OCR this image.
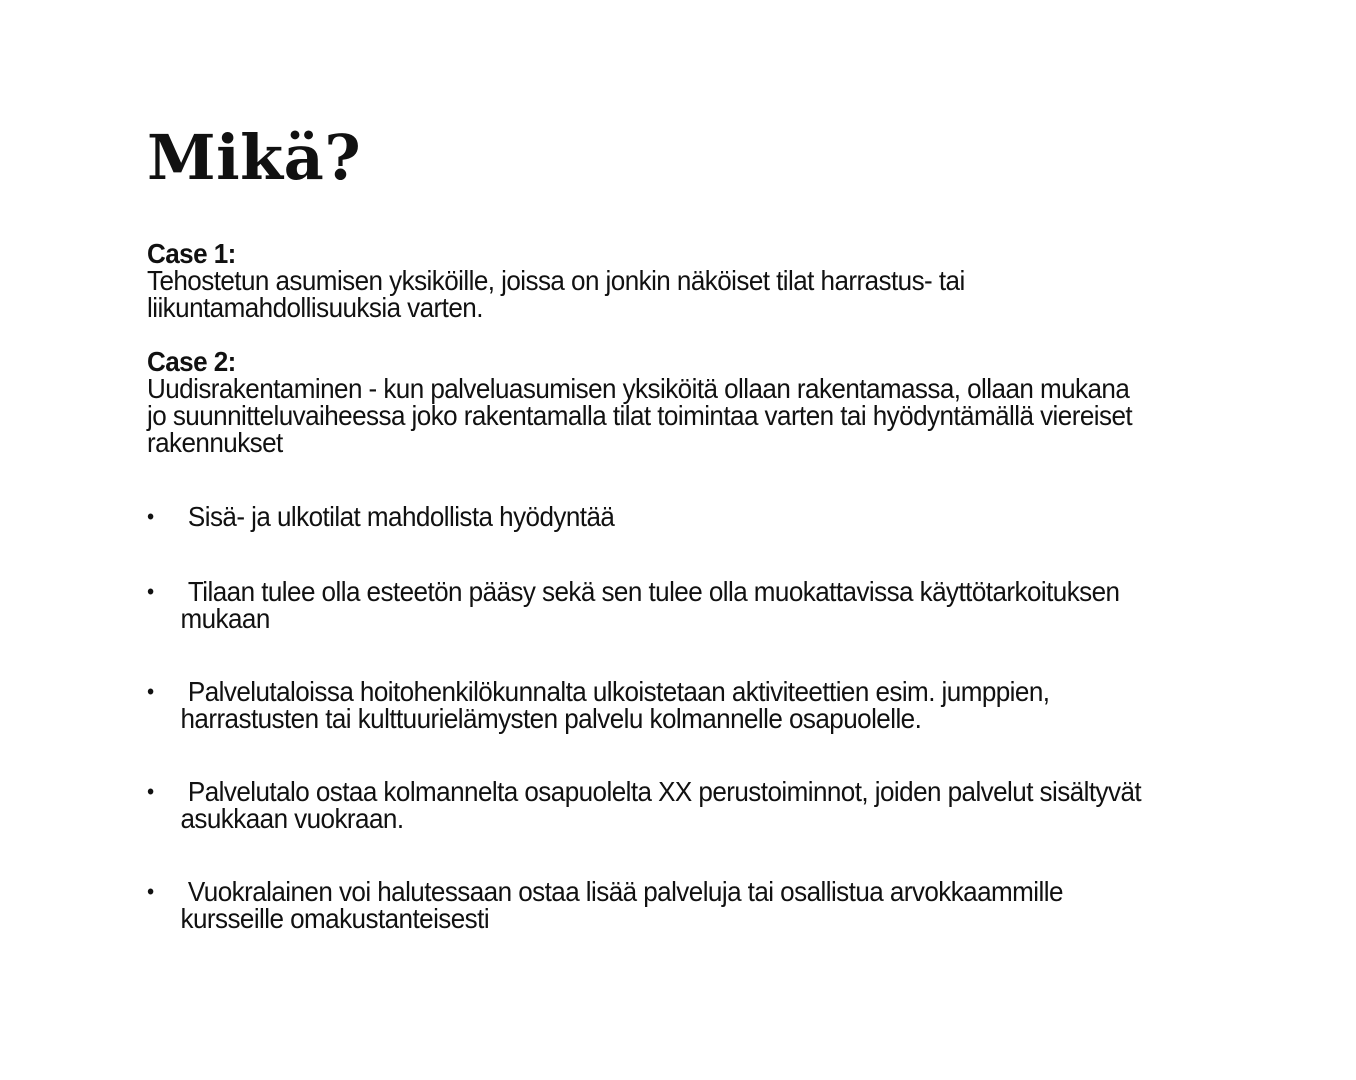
Mikä?
Case 1:
Tehostetun asumisen yksiköille, joissa on jonkin näköiset tilat harrastus- tai liikuntamahdollisuuksia varten.
Case 2:
Uudisrakentaminen - kun palveluasumisen yksiköitä ollaan rakentamassa, ollaan mukana jo suunnitteluvaiheessa joko rakentamalla tilat toimintaa varten tai hyödyntämällä viereiset rakennukset
•	Sisä- ja ulkotilat mahdollista hyödyntää
•	Tilaan tulee olla esteetön pääsy sekä sen tulee olla muokattavissa käyttötarkoituksen mukaan
•	Palvelutaloissa hoitohenkilökunnalta ulkoistetaan aktiviteettien esim. jumppien, harrastusten tai kulttuurielämysten palvelu kolmannelle osapuolelle.
•	Palvelutalo ostaa kolmannelta osapuolelta XX perustoiminnot, joiden palvelut sisältyvät asukkaan vuokraan.
•	Vuokralainen voi halutessaan ostaa lisää palveluja tai osallistua arvokkaammille kursseille omakustanteisesti
